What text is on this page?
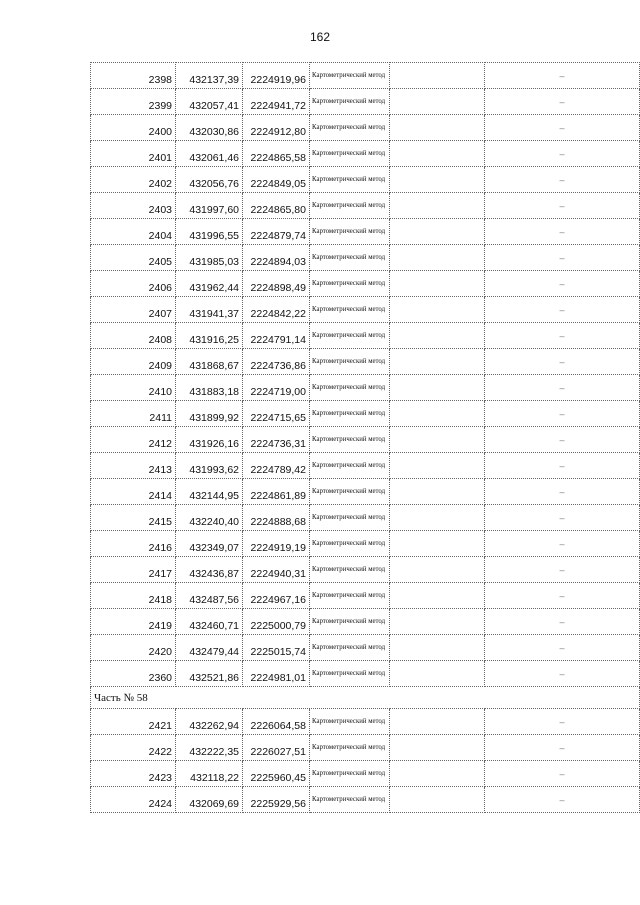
162
2398	432137,39	2224919,96	Картометрический метод		–
2399	432057,41	2224941,72	Картометрический метод		–
2400	432030,86	2224912,80	Картометрический метод		–
2401	432061,46	2224865,58	Картометрический метод		–
2402	432056,76	2224849,05	Картометрический метод		–
2403	431997,60	2224865,80	Картометрический метод		–
2404	431996,55	2224879,74	Картометрический метод		–
2405	431985,03	2224894,03	Картометрический метод		–
2406	431962,44	2224898,49	Картометрический метод		–
2407	431941,37	2224842,22	Картометрический метод		–
2408	431916,25	2224791,14	Картометрический метод		–
2409	431868,67	2224736,86	Картометрический метод		–
2410	431883,18	2224719,00	Картометрический метод		–
2411	431899,92	2224715,65	Картометрический метод		–
2412	431926,16	2224736,31	Картометрический метод		–
2413	431993,62	2224789,42	Картометрический метод		–
2414	432144,95	2224861,89	Картометрический метод		–
2415	432240,40	2224888,68	Картометрический метод		–
2416	432349,07	2224919,19	Картометрический метод		–
2417	432436,87	2224940,31	Картометрический метод		–
2418	432487,56	2224967,16	Картометрический метод		–
2419	432460,71	2225000,79	Картометрический метод		–
2420	432479,44	2225015,74	Картометрический метод		–
2360	432521,86	2224981,01	Картометрический метод		–
Часть № 58					
2421	432262,94	2226064,58	Картометрический метод		–
2422	432222,35	2226027,51	Картометрический метод		–
2423	432118,22	2225960,45	Картометрический метод		–
2424	432069,69	2225929,56	Картометрический метод		–
